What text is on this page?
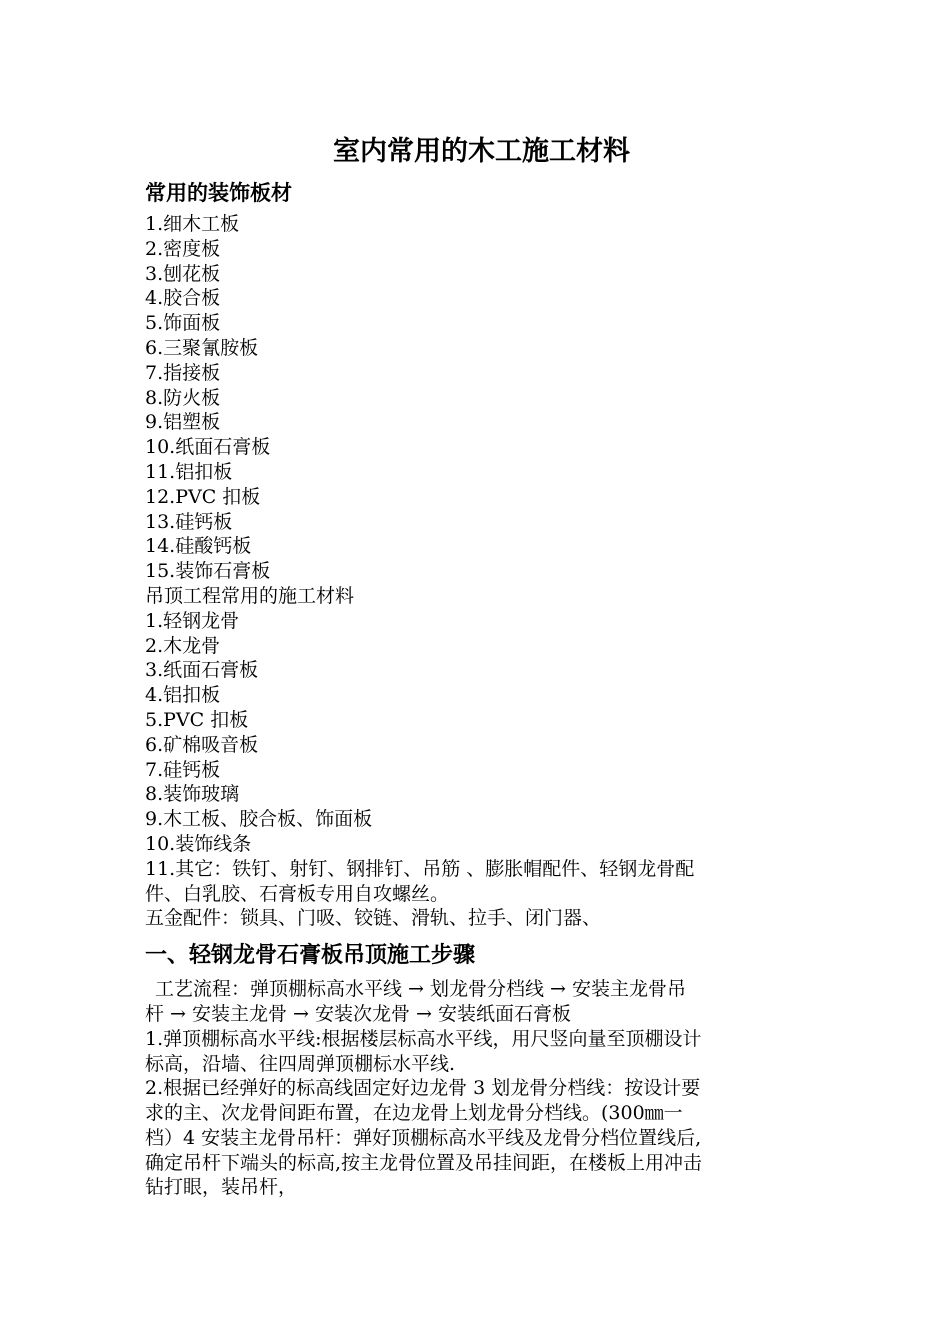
室内常用的木工施工材料
常用的装饰板材

1.细木工板

2.密度板

3.刨花板

4.胶合板

5.饰面板

6.三聚氰胺板

7.指接板

8.防火板

9.铝塑板

10.纸面石膏板

11.铝扣板

12.PVC 扣板

13.硅钙板

14.硅酸钙板

15.装饰石膏板

吊顶工程常用的施工材料

1.轻钢龙骨

2.木龙骨

3.纸面石膏板

4.铝扣板

5.PVC 扣板

6.矿棉吸音板

7.硅钙板

8.装饰玻璃

9.木工板、胶合板、饰面板

10.装饰线条

11.其它：铁钉、射钉、钢排钉、吊筋 、膨胀帽配件、轻钢龙骨配
件、白乳胶、石膏板专用自攻螺丝。

五金配件：锁具、门吸、铰链、滑轨、拉手、闭门器、

一、轻钢龙骨石膏板吊顶施工步骤

工艺流程：弹顶棚标高水平线 → 划龙骨分档线 → 安装主龙骨吊
杆 → 安装主龙骨 → 安装次龙骨 → 安装纸面石膏板

1.弹顶棚标高水平线:根据楼层标高水平线，用尺竖向量至顶棚设计
标高，沿墙、往四周弹顶棚标水平线.

2.根据已经弹好的标高线固定好边龙骨 3 划龙骨分档线：按设计要
求的主、次龙骨间距布置，在边龙骨上划龙骨分档线。(300㎜一
档）4 安装主龙骨吊杆：弹好顶棚标高水平线及龙骨分档位置线后,
确定吊杆下端头的标高,按主龙骨位置及吊挂间距，在楼板上用冲击
钻打眼，装吊杆，
